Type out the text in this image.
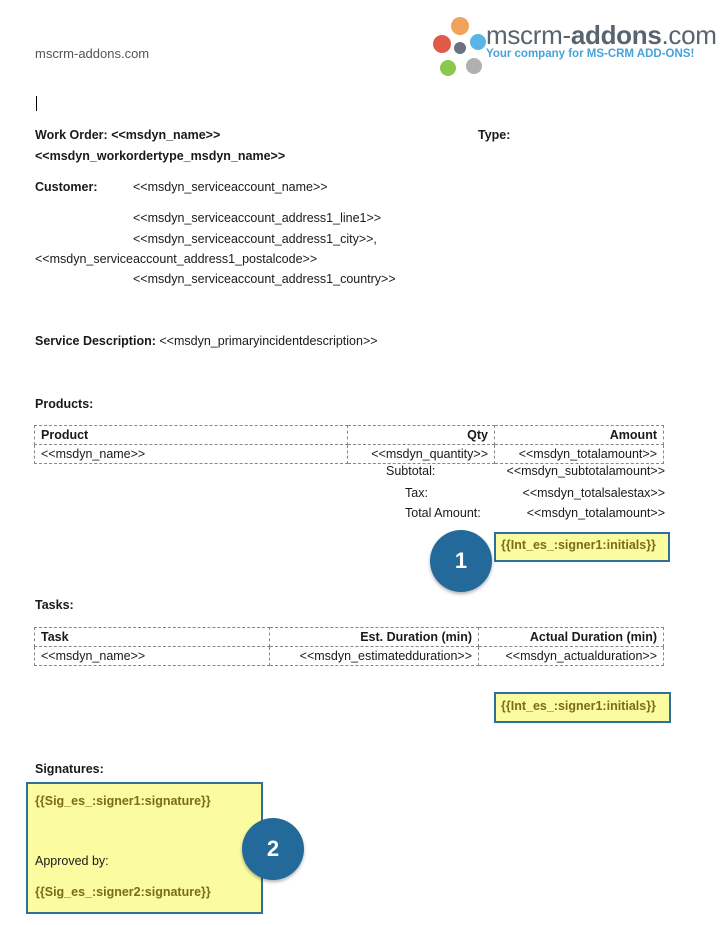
mscrm-addons.com
mscrm-addons.com
Your company for MS-CRM ADD-ONS!
Work Order: <<msdyn_name>>	Type:
<<msdyn_workordertype_msdyn_name>>
Customer:	<<msdyn_serviceaccount_name>>
<<msdyn_serviceaccount_address1_line1>>
<<msdyn_serviceaccount_address1_city>>,
<<msdyn_serviceaccount_address1_postalcode>>
<<msdyn_serviceaccount_address1_country>>
Service Description: <<msdyn_primaryincidentdescription>>
Products:
Product	Qty	Amount
<<msdyn_name>>	<<msdyn_quantity>>	<<msdyn_totalamount>>
Subtotal:	<<msdyn_subtotalamount>>
Tax:	<<msdyn_totalsalestax>>
Total Amount:	<<msdyn_totalamount>>
{{Int_es_:signer1:initials}}
1
Tasks:
Task	Est. Duration (min)	Actual Duration (min)
<<msdyn_name>>	<<msdyn_estimatedduration>>	<<msdyn_actualduration>>
{{Int_es_:signer1:initials}}
Signatures:
{{Sig_es_:signer1:signature}}
Approved by:
{{Sig_es_:signer2:signature}}
2
